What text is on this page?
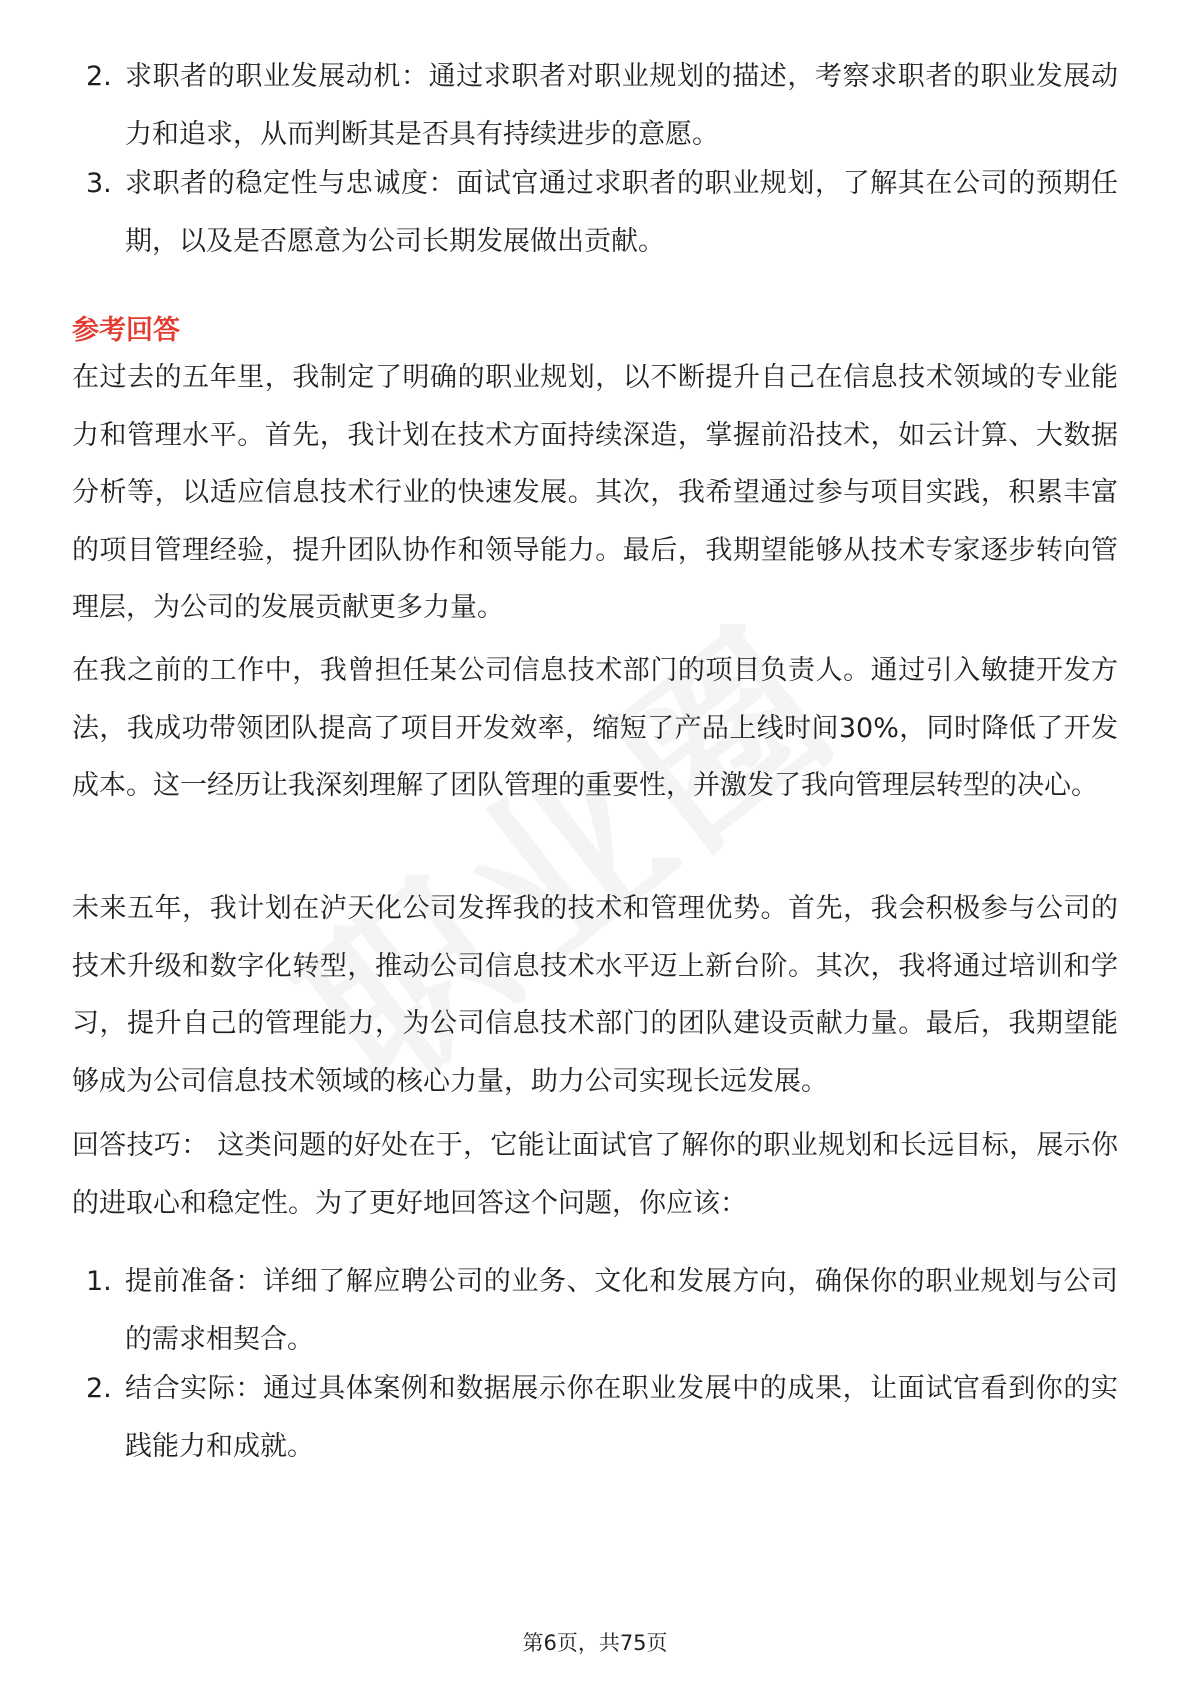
2. 求职者的职业发展动机：通过求职者对职业规划的描述，考察求职者的职业发展动力和追求，从而判断其是否具有持续进步的意愿。
3. 求职者的稳定性与忠诚度：面试官通过求职者的职业规划，了解其在公司的预期任期，以及是否愿意为公司长期发展做出贡献。
参考回答
在过去的五年里，我制定了明确的职业规划，以不断提升自己在信息技术领域的专业能力和管理水平。首先，我计划在技术方面持续深造，掌握前沿技术，如云计算、大数据分析等，以适应信息技术行业的快速发展。其次，我希望通过参与项目实践，积累丰富的项目管理经验，提升团队协作和领导能力。最后，我期望能够从技术专家逐步转向管理层，为公司的发展贡献更多力量。
在我之前的工作中，我曾担任某公司信息技术部门的项目负责人。通过引入敏捷开发方法，我成功带领团队提高了项目开发效率，缩短了产品上线时间30%，同时降低了开发成本。这一经历让我深刻理解了团队管理的重要性，并激发了我向管理层转型的决心。
未来五年，我计划在泸天化公司发挥我的技术和管理优势。首先，我会积极参与公司的技术升级和数字化转型，推动公司信息技术水平迈上新台阶。其次，我将通过培训和学习，提升自己的管理能力，为公司信息技术部门的团队建设贡献力量。最后，我期望能够成为公司信息技术领域的核心力量，助力公司实现长远发展。
回答技巧： 这类问题的好处在于，它能让面试官了解你的职业规划和长远目标，展示你的进取心和稳定性。为了更好地回答这个问题，你应该：
1. 提前准备：详细了解应聘公司的业务、文化和发展方向，确保你的职业规划与公司的需求相契合。
2. 结合实际：通过具体案例和数据展示你在职业发展中的成果，让面试官看到你的实践能力和成就。
第6页，共75页
